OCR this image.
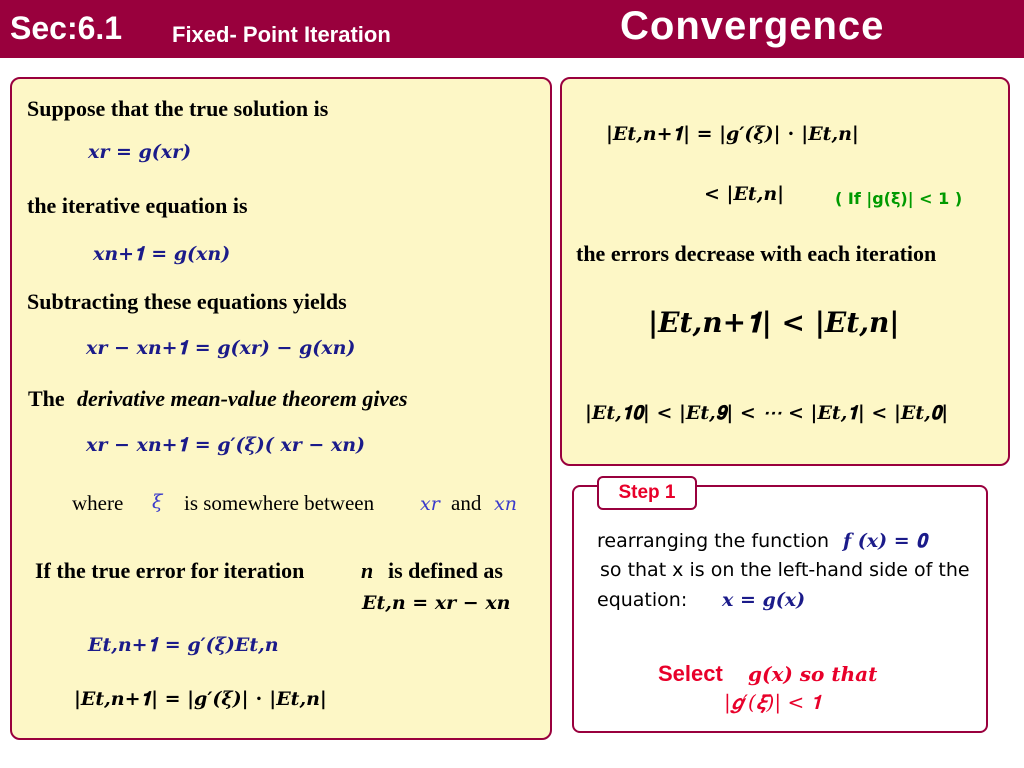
Sec:6.1 Fixed- Point Iteration	Convergence
Suppose that the true solution is
𝒙𝒓 = 𝒈(𝒙𝒓)
the iterative equation is
𝒙𝒏+𝟏 = 𝒈(𝒙𝒏)
Subtracting these equations yields
𝒙𝒓 − 𝒙𝒏+𝟏 = 𝒈(𝒙𝒓) − 𝒈(𝒙𝒏)
The derivative mean-value theorem gives
𝒙𝒓 − 𝒙𝒏+𝟏 = 𝒈′(𝝃)( 𝒙𝒓 − 𝒙𝒏)
where ξ is somewhere between xr and xn
If the true error for iteration	n is defined as
𝑬𝒕,𝒏 = 𝒙𝒓 − 𝒙𝒏
𝑬𝒕,𝒏+𝟏 = 𝒈′(𝝃)𝑬𝒕,𝒏
|𝑬𝒕,𝒏+𝟏| = |𝒈′(𝝃)| ⋅ |𝑬𝒕,𝒏|
|𝑬𝒕,𝒏+𝟏| = |𝒈′(𝝃)| ⋅ |𝑬𝒕,𝒏|
< |𝑬𝒕,𝒏|	( If |g(ξ)| < 1 )
the errors decrease with each iteration
|𝑬𝒕,𝒏+𝟏| < |𝑬𝒕,𝒏|
|𝑬𝒕,𝟏𝟎| < |𝑬𝒕,𝟗| < ⋯ < |𝑬𝒕,𝟏| < |𝑬𝒕,𝟎|
Step 1
rearranging the function 𝒇 (𝒙) = 𝟎
so that x is on the left-hand side of the
equation: 𝒙 = 𝒈(𝒙)
Select 𝒈(𝒙) 𝒔𝒐 𝒕𝒉𝒂𝒕
|𝒈′(𝝃)| < 𝟏
